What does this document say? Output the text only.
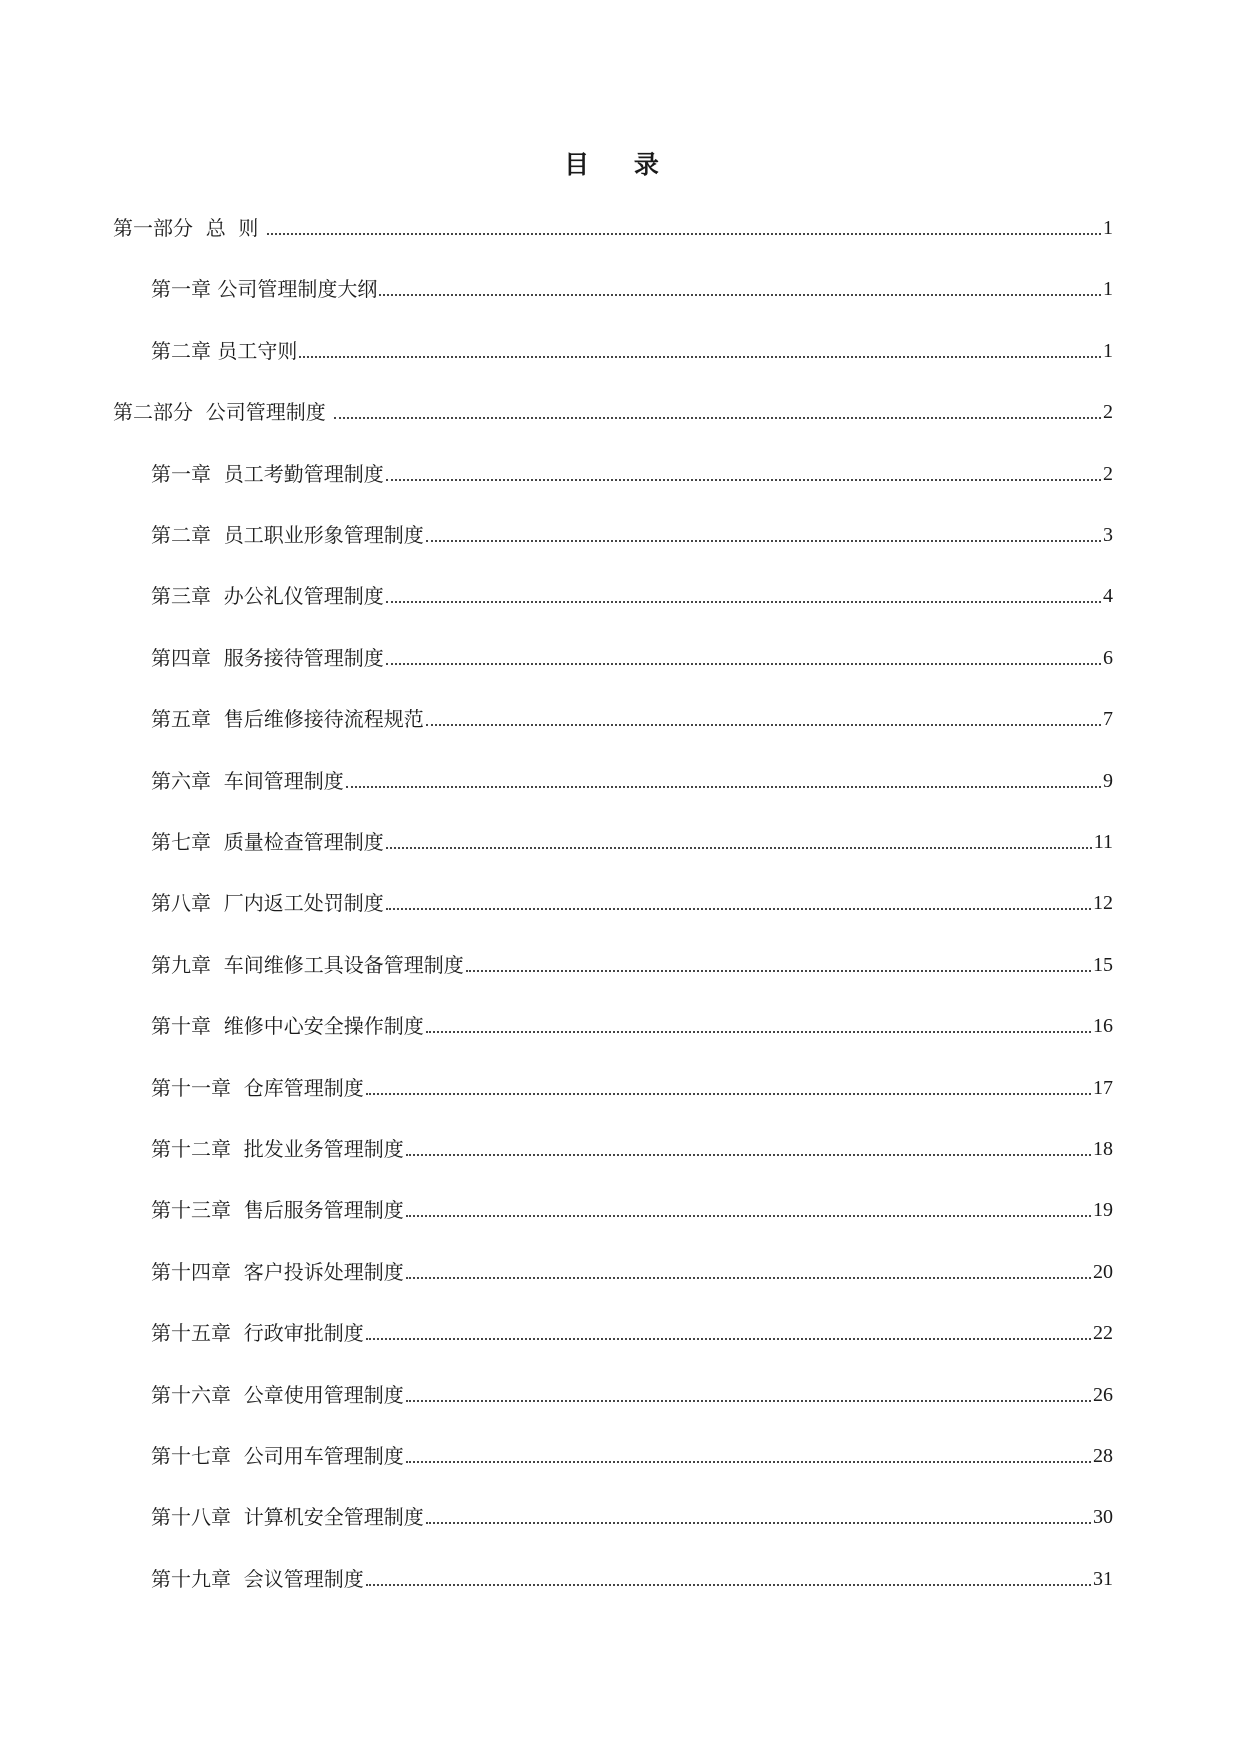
目 录
第一部分  总  则	1
第一章 公司管理制度大纲	1
第二章 员工守则	1
第二部分  公司管理制度	2
第一章  员工考勤管理制度	2
第二章  员工职业形象管理制度	3
第三章  办公礼仪管理制度	4
第四章  服务接待管理制度	6
第五章  售后维修接待流程规范	7
第六章  车间管理制度	9
第七章  质量检查管理制度	11
第八章  厂内返工处罚制度	12
第九章  车间维修工具设备管理制度	15
第十章  维修中心安全操作制度	16
第十一章  仓库管理制度	17
第十二章  批发业务管理制度	18
第十三章  售后服务管理制度	19
第十四章  客户投诉处理制度	20
第十五章  行政审批制度	22
第十六章  公章使用管理制度	26
第十七章  公司用车管理制度	28
第十八章  计算机安全管理制度	30
第十九章  会议管理制度	31
